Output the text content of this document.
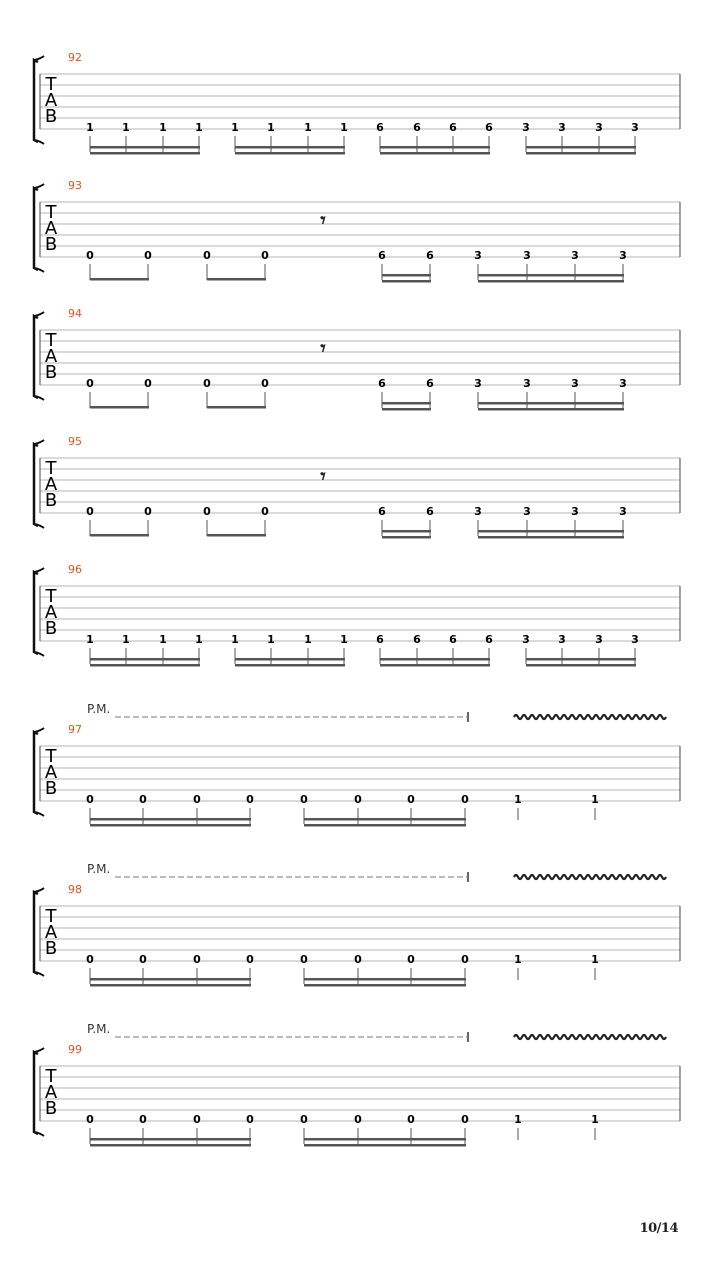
T
A
B
92
1	1	1	1	1	1	1	1	6	6	6	6	3	3	3	3
T
A
B
93
0	0	0	0	6	6	3	3	3	3
𝄾
T
A
B
94
0	0	0	0	6	6	3	3	3	3
𝄾
T
A
B
95
0	0	0	0	6	6	3	3	3	3
𝄾
T
A
B
96
1	1	1	1	1	1	1	1	6	6	6	6	3	3	3	3
T
A
B
97
0	0	0	0	0	0	0	0	1	1
P.M.
T
A
B
98
0	0	0	0	0	0	0	0	1	1
P.M.
T
A
B
99
0	0	0	0	0	0	0	0	1	1
P.M.
10/14
